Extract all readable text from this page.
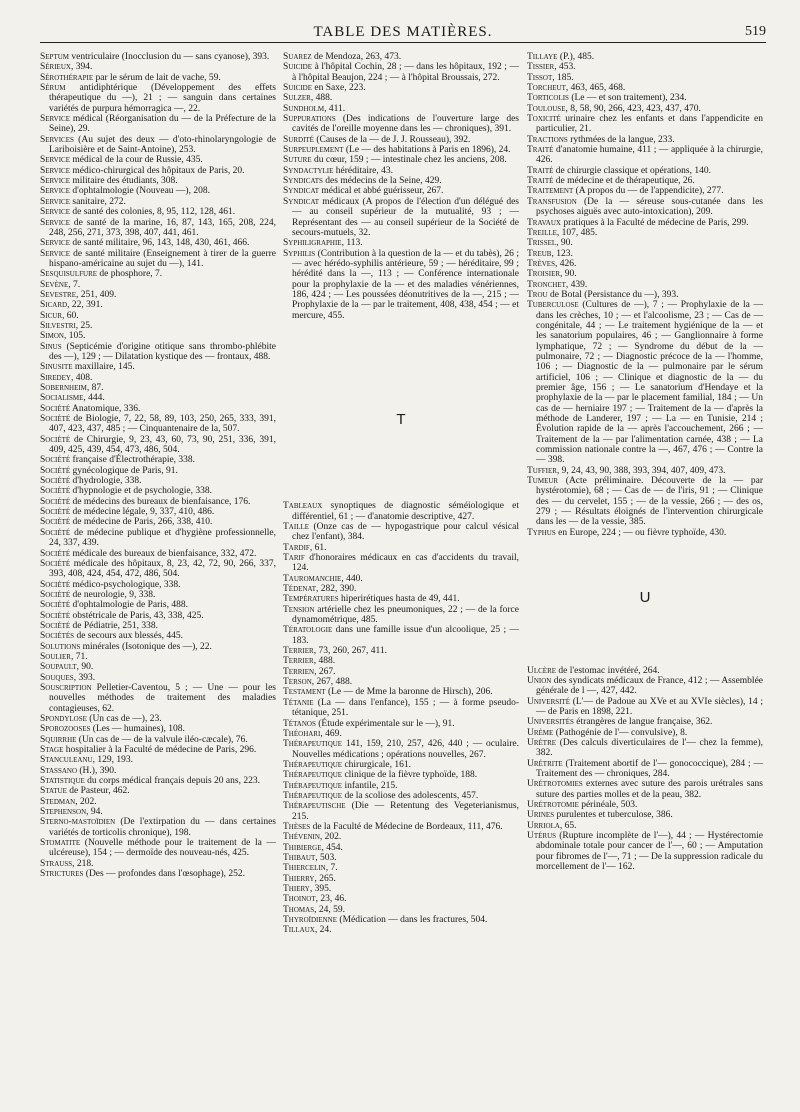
TABLE DES MATIÈRES.	519

Septum ventriculaire (Inocclusion du — sans cyanose), 393.

Sérieux, 394.

Sérothérapie par le sérum de lait de vache, 59.

Sérum antidiphtérique (Développement des effets thérapeutique du —), 21 ; — sanguin dans certaines variétés de purpura hémorragica —, 22.

Service médical (Réorganisation du — de la Préfecture de la Seine), 29.

Services (Au sujet des deux — d'oto-rhinolaryngologie de Lariboisière et de Saint-Antoine), 253.

Service médical de la cour de Russie, 435.

Service médico-chirurgical des hôpitaux de Paris, 20.

Service militaire des étudiants, 308.

Service d'ophtalmologie (Nouveau —), 208.

Service sanitaire, 272.

Service de santé des colonies, 8, 95, 112, 128, 461.

Service de santé de la marine, 16, 87, 143, 165, 208, 224, 248, 256, 271, 373, 398, 407, 441, 461.

Service de santé militaire, 96, 143, 148, 430, 461, 466.

Service de santé militaire (Enseignement à tirer de la guerre hispano-américaine au sujet du —), 141.

Sesquisulfure de phosphore, 7.

Sevène, 7.

Sevestre, 251, 409.

Sicard, 22, 391.

Sicur, 60.

Silvestri, 25.

Simon, 105.

Sinus (Septicémie d'origine otitique sans thrombo-phlébite des —), 129 ; — Dilatation kystique des — frontaux, 488.

Sinusite maxillaire, 145.

Siredey, 408.

Sobernheim, 87.

Socialisme, 444.

Société Anatomique, 336.

Société de Biologie, 7, 22, 58, 89, 103, 250, 265, 333, 391, 407, 423, 437, 485 ; — Cinquantenaire de la, 507.

Société de Chirurgie, 9, 23, 43, 60, 73, 90, 251, 336, 391, 409, 425, 439, 454, 473, 486, 504.

Société française d'Électrothérapie, 338.

Société gynécologique de Paris, 91.

Société d'hydrologie, 338.

Société d'hypnologie et de psychologie, 338.

Société de médecins des bureaux de bienfaisance, 176.

Société de médecine légale, 9, 337, 410, 486.

Société de médecine de Paris, 266, 338, 410.

Société de médecine publique et d'hygiène professionnelle, 24, 337, 439.

Société médicale des bureaux de bienfaisance, 332, 472.

Société médicale des hôpitaux, 8, 23, 42, 72, 90, 266, 337, 393, 408, 424, 454, 472, 486, 504.

Société médico-psychologique, 338.

Société de neurologie, 9, 338.

Société d'ophtalmologie de Paris, 488.

Société obstétricale de Paris, 43, 338, 425.

Société de Pédiatrie, 251, 338.

Sociétés de secours aux blessés, 445.

Solutions minérales (Isotonique des —), 22.

Soulier, 71.

Soupault, 90.

Souques, 393.

Souscription Pelletier-Caventou, 5 ; — Une — pour les nouvelles méthodes de traitement des maladies contagieuses, 62.

Spondylose (Un cas de —), 23.

Sporozooses (Les — humaines), 108.

Squirrhe (Un cas de — de la valvule iléo-cæcale), 76.

Stage hospitalier à la Faculté de médecine de Paris, 296.

Stanculeanu, 129, 193.

Stassano (H.), 390.

Statistique du corps médical français depuis 20 ans, 223.

Statue de Pasteur, 462.

Stedman, 202.

Stephenson, 94.

Sterno-mastoïdien (De l'extirpation du — dans certaines variétés de torticolis chronique), 198.

Stomatite (Nouvelle méthode pour le traitement de la — ulcéreuse), 154 ; — dermoïde des nouveau-nés, 425.

Strauss, 218.

Strictures (Des — profondes dans l'œsophage), 252.

Suarez de Mendoza, 263, 473.

Suicide à l'hôpital Cochin, 28 ; — dans les hôpitaux, 192 ; — à l'hôpital Beaujon, 224 ; — à l'hôpital Broussais, 272.

Suicide en Saxe, 223.

Sulzer, 488.

Sundholm, 411.

Suppurations (Des indications de l'ouverture large des cavités de l'oreille moyenne dans les — chroniques), 391.

Surdité (Causes de la — de J. J. Rousseau), 392.

Surpeuplement (Le — des habitations à Paris en 1896), 24.

Suture du cœur, 159 ; — intestinale chez les anciens, 208.

Syndactylie héréditaire, 43.

Syndicats des médecins de la Seine, 429.

Syndicat médical et abbé guérisseur, 267.

Syndicat médicaux (A propos de l'élection d'un délégué des — au conseil supérieur de la mutualité, 93 ; — Représentant des — au conseil supérieur de la Société de secours-mutuels, 32.

Syphiligraphie, 113.

Syphilis (Contribution à la question de la — et du tabès), 26 ; — avec hérédo-syphilis antérieure, 59 ; — héréditaire, 99 ; hérédité dans la —, 113 ; — Conférence internationale pour la prophylaxie de la — et des maladies vénériennes, 186, 424 ; — Les poussées déonutritives de la —, 215 ; — Prophylaxie de la — par le traitement, 408, 438, 454 ; — et mercure, 455.

T

Tableaux synoptiques de diagnostic séméiologique et différentiel, 61 ; — d'anatomie descriptive, 427.

Taille (Onze cas de — hypogastrique pour calcul vésical chez l'enfant), 384.

Tardif, 61.

Tarif d'honoraires médicaux en cas d'accidents du travail, 124.

Tauromanchie, 440.

Tédenat, 282, 390.

Températures hiperirétiques hasta de 49, 441.

Tension artérielle chez les pneumoniques, 22 ; — de la force dynamométrique, 485.

Tératologie dans une famille issue d'un alcoolique, 25 ; — 183.

Terrier, 73, 260, 267, 411.

Terrier, 488.

Terrien, 267.

Terson, 267, 488.

Testament (Le — de Mme la baronne de Hirsch), 206.

Tétanie (La — dans l'enfance), 155 ; — à forme pseudo-tétanique, 251.

Tétanos (Étude expérimentale sur le —), 91.

Théohari, 469.

Thérapeutique 141, 159, 210, 257, 426, 440 ; — oculaire. Nouvelles médications ; opérations nouvelles, 267.

Thérapeutique chirurgicale, 161.

Thérapeutique clinique de la fièvre typhoïde, 188.

Thérapeutique infantile, 215.

Thérapeutique de la scoliose des adolescents, 457.

Thérapeutische (Die — Retentung des Vegeterianismus, 215.

Thèses de la Faculté de Médecine de Bordeaux, 111, 476.

Thévenin, 202.

Thibierge, 454.

Thibaut, 503.

Thiercelin, 7.

Thierry, 265.

Thiery, 395.

Thoinot, 23, 46.

Thomas, 24, 59.

Thyroïdienne (Médication — dans les fractures, 504.

Tillaux, 24.

Tillaye (P.), 485.

Tissier, 453.

Tissot, 185.

Torcheut, 463, 465, 468.

Torticolis (Le — et son traitement), 234.

Toulouse, 8, 58, 90, 266, 423, 423, 437, 470.

Toxicité urinaire chez les enfants et dans l'appendicite en particulier, 21.

Tractions rythmées de la langue, 233.

Traité d'anatomie humaine, 411 ; — appliquée à la chirurgie, 426.

Traité de chirurgie classique et opérations, 140.

Traité de médecine et de thérapeutique, 26.

Traitement (A propos du — de l'appendicite), 277.

Transfusion (De la — séreuse sous-cutanée dans les psychoses aiguës avec auto-intoxication), 209.

Travaux pratiques à la Faculté de médecine de Paris, 299.

Treille, 107, 485.

Trissel, 90.

Treub, 123.

Trèves, 426.

Troisier, 90.

Tronchet, 439.

Trou de Botal (Persistance du —), 393.

Tuberculose (Cultures de —), 7 ; — Prophylaxie de la — dans les crèches, 10 ; — et l'alcoolisme, 23 ; — Cas de — congénitale, 44 ; — Le traitement hygiénique de la — et les sanatorium populaires, 46 ; — Ganglionnaire à forme lymphatique, 72 ; — Syndrome du début de la — pulmonaire, 72 ; — Diagnostic précoce de la — l'homme, 106 ; — Diagnostic de la — pulmonaire par le sérum artificiel, 106 ; — Clinique et diagnostic de la — du premier âge, 156 ; — Le sanatorium d'Hendaye et la prophylaxie de la — par le placement familial, 184 ; — Un cas de — herniaire 197 ; — Traitement de la — d'après la méthode de Landerer, 197 ; — La — en Tunisie, 214 ; Évolution rapide de la — après l'accouchement, 266 ; — Traitement de la — par l'alimentation carnée, 438 ; — La commission nationale contre la —, 467, 476 ; — Contre la — 398.

Tuffier, 9, 24, 43, 90, 388, 393, 394, 407, 409, 473.

Tumeur (Acte préliminaire. Découverte de la — par hystérotomie), 68 ; — Cas de — de l'iris, 91 ; — Clinique des — du cervelet, 155 ; — de la vessie, 266 ; — des os, 279 ; — Résultats éloignés de l'intervention chirurgicale dans les — de la vessie, 385.

Typhus en Europe, 224 ; — ou fièvre typhoïde, 430.

U

Ulcère de l'estomac invétéré, 264.

Union des syndicats médicaux de France, 412 ; — Assemblée générale de l —, 427, 442.

Université (L'— de Padoue au XVe et au XVIe siècles), 14 ; — de Paris en 1898, 221.

Universités étrangères de langue française, 362.

Urème (Pathogénie de l'— convulsive), 8.

Urètre (Des calculs diverticulaires de l'— chez la femme), 382.

Urétrite (Traitement abortif de l'— gonococcique), 284 ; — Traitement des — chroniques, 284.

Urétrotomies externes avec suture des parois urétrales sans suture des parties molles et de la peau, 382.

Urétrotomie périnéale, 503.

Urines purulentes et tuberculose, 386.

Urriola, 65.

Utérus (Rupture incomplète de l'—), 44 ; — Hystérectomie abdominale totale pour cancer de l'—, 60 ; — Amputation pour fibromes de l'—, 71 ; — De la suppression radicale du morcellement de l'— 162.
